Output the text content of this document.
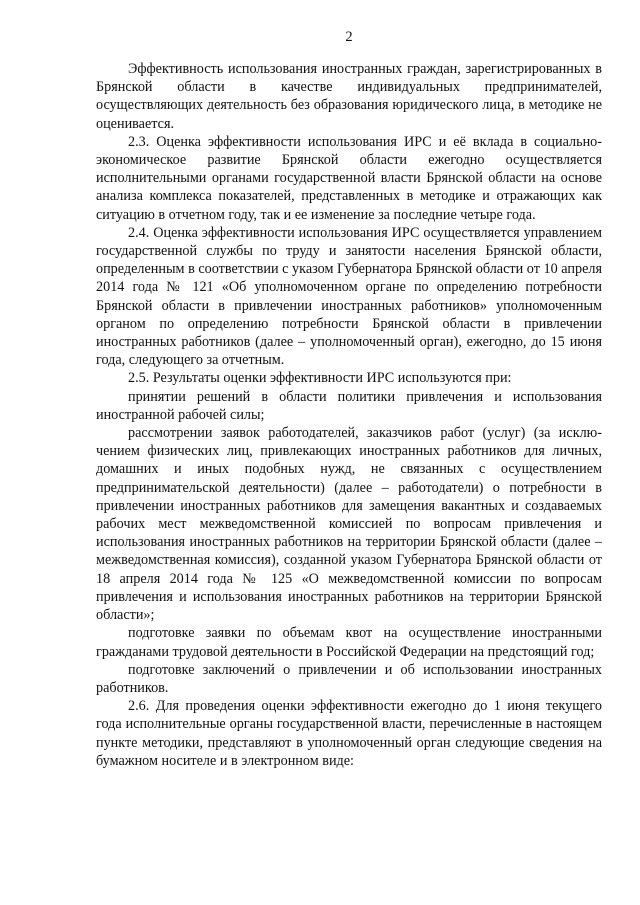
2

Эффективность использования иностранных граждан, зарегистрированных в Брянской области в качестве индивидуальных предпринимателей, осуществляющих деятельность без образования юридического лица, в методике не оценивается.

2.3. Оценка эффективности использования ИРС и её вклада в социально-экономическое развитие Брянской области ежегодно осуществляется исполнительными органами государственной власти Брянской области на основе анализа комплекса показателей, представленных в методике и отражающих как ситуацию в отчетном году, так и ее изменение за последние четыре года.

2.4. Оценка эффективности использования ИРС осуществляется управлением государственной службы по труду и занятости населения Брянской области, определенным в соответствии с указом Губернатора Брянской области от 10 апреля 2014 года № 121 «Об уполномоченном органе по определению потребности Брянской области в привлечении иностранных работников» уполномоченным органом по определению потребности Брянской области в привлечении иностранных работников (далее – уполномоченный орган), ежегодно, до 15 июня года, следующего за отчетным.

2.5. Результаты оценки эффективности ИРС используются при:

принятии решений в области политики привлечения и использования иностранной рабочей силы;

рассмотрении заявок работодателей, заказчиков работ (услуг) (за исключением физических лиц, привлекающих иностранных работников для личных, домашних и иных подобных нужд, не связанных с осуществлением предпринимательской деятельности) (далее – работодатели) о потребности в привлечении иностранных работников для замещения вакантных и создаваемых рабочих мест межведомственной комиссией по вопросам привлечения и использования иностранных работников на территории Брянской области (далее – межведомственная комиссия), созданной указом Губернатора Брянской области от 18 апреля 2014 года № 125 «О межведомственной комиссии по вопросам привлечения и использования иностранных работников на территории Брянской области»;

подготовке заявки по объемам квот на осуществление иностранными гражданами трудовой деятельности в Российской Федерации на предстоящий год;

подготовке заключений о привлечении и об использовании иностранных работников.

2.6. Для проведения оценки эффективности ежегодно до 1 июня текущего года исполнительные органы государственной власти, перечисленные в настоящем пункте методики, представляют в уполномоченный орган следующие сведения на бумажном носителе и в электронном виде:
